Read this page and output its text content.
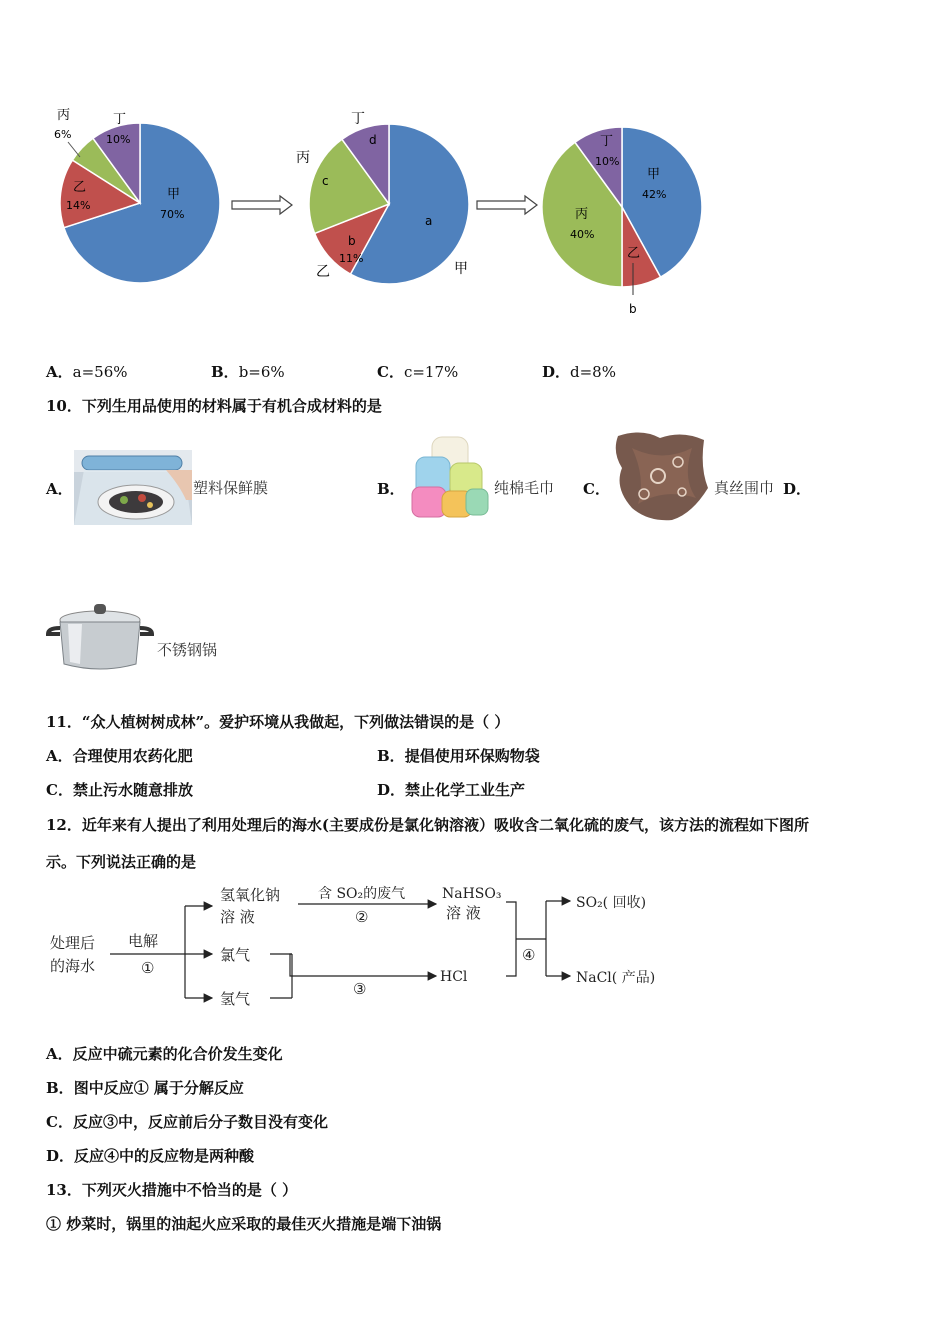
丙
6%
丁
10%
乙
14%
甲
70%
丁
d
丙
c
a
b
11%
乙	甲
丁
10%
丙
40%
甲
42%
乙
b
A．a=56%	B．b=6%	C．c=17%	D．d=8%
10．下列生用品使用的材料属于有机合成材料的是
A．	塑料保鲜膜	B．	纯棉毛巾 C．	真丝围巾 D．
不锈钢锅
11．“众人植树树成林”。爱护环境从我做起，下列做法错误的是（ ）
A．合理使用农药化肥	B．提倡使用环保购物袋
C．禁止污水随意排放	D．禁止化学工业生产
12．近年来有人提出了利用处理后的海水(主要成份是氯化钠溶液）吸收含二氧化硫的废气，该方法的流程如下图所
示。下列说法正确的是
处理后
的海水
电解
①
氢氧化钠
溶 液
氯气
氢气
含 SO₂的废气
②
NaHSO₃
溶 液
③
HCl
④
SO₂( 回收)
NaCl( 产品)
A．反应中硫元素的化合价发生变化
B．图中反应① 属于分解反应
C．反应③中，反应前后分子数目没有变化
D．反应④中的反应物是两种酸
13．下列灭火措施中不恰当的是（ ）
① 炒菜时，锅里的油起火应采取的最佳灭火措施是端下油锅
